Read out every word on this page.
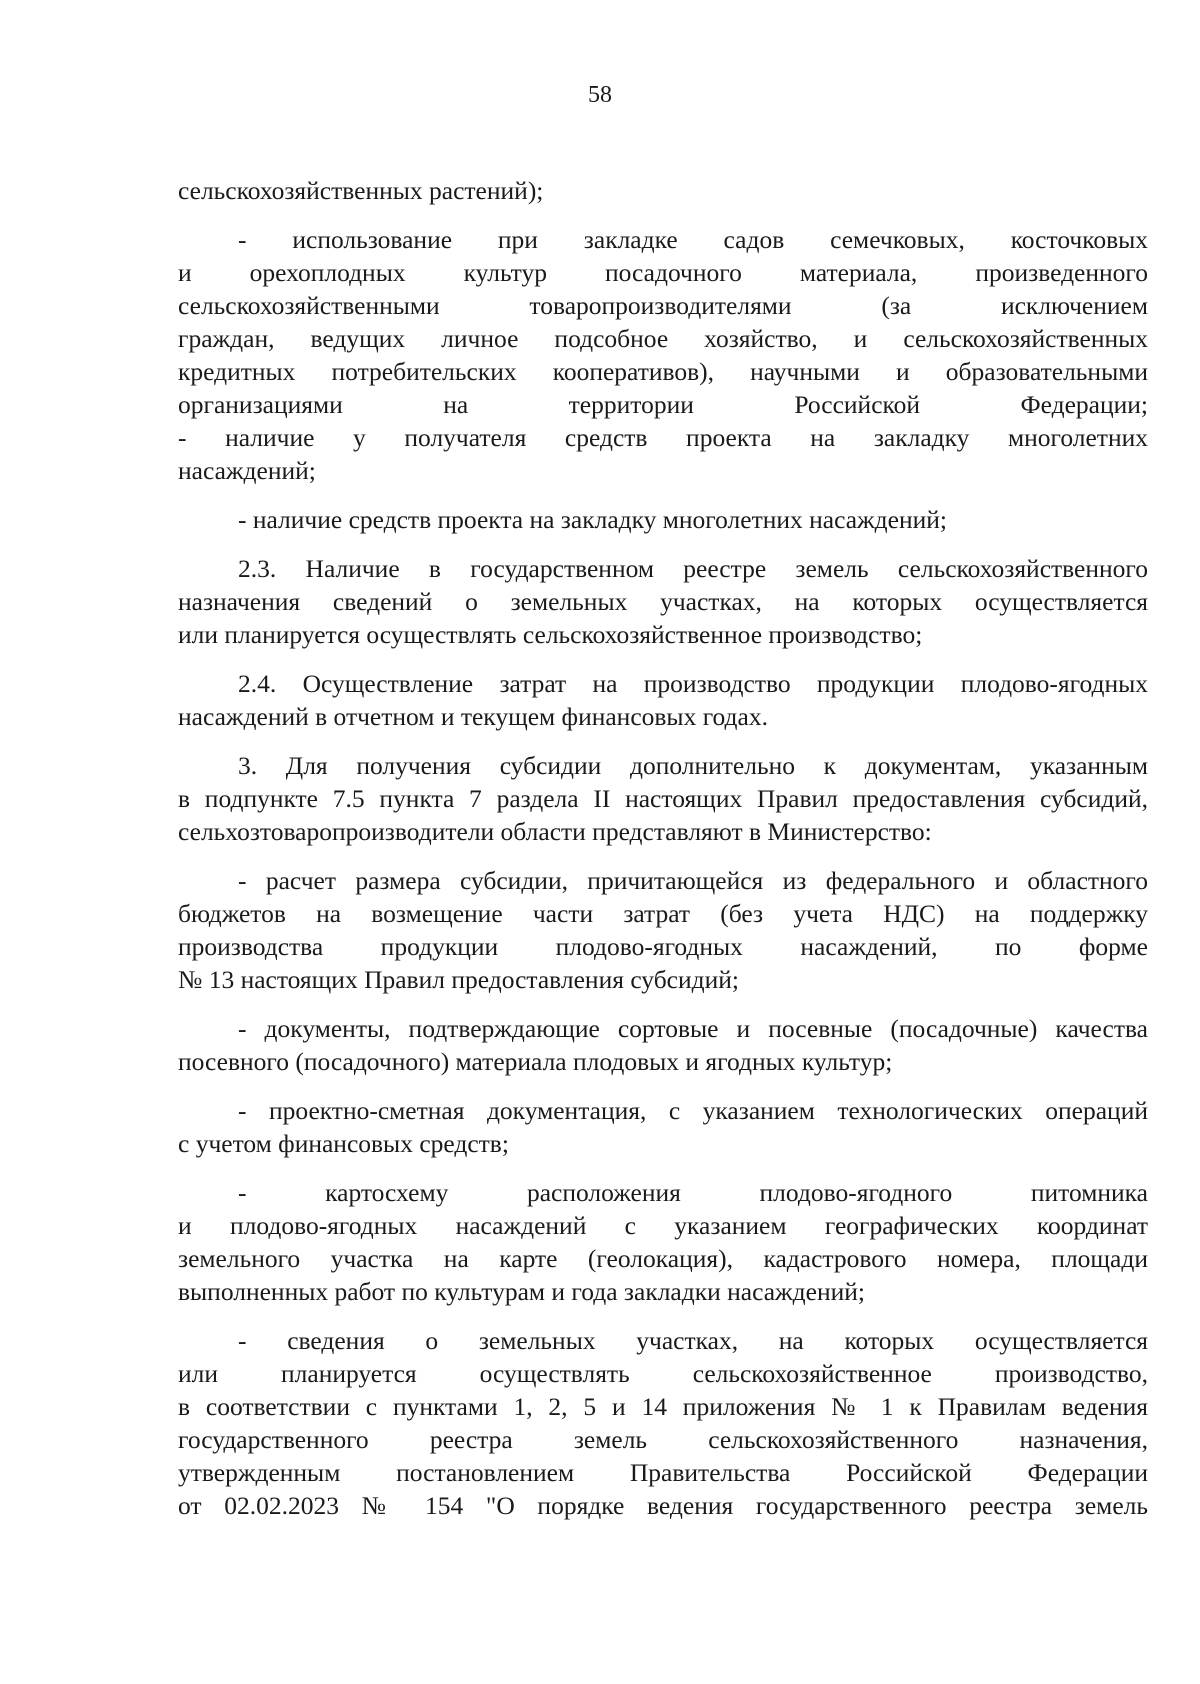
58

сельскохозяйственных растений);

- использование при закладке садов семечковых, косточковых

и орехоплодных культур посадочного материала, произведенного

сельскохозяйственными товаропроизводителями (за исключением

граждан, ведущих личное подсобное хозяйство, и сельскохозяйственных

кредитных потребительских кооперативов), научными и образовательными

организациями на территории Российской Федерации;

- наличие у получателя средств проекта на закладку многолетних

насаждений;

- наличие средств проекта на закладку многолетних насаждений;

2.3. Наличие в государственном реестре земель сельскохозяйственного

назначения сведений о земельных участках, на которых осуществляется

или планируется осуществлять сельскохозяйственное производство;

2.4. Осуществление затрат на производство продукции плодово-ягодных

насаждений в отчетном и текущем финансовых годах.

3. Для получения субсидии дополнительно к документам, указанным

в подпункте 7.5 пункта 7 раздела II настоящих Правил предоставления субсидий,

сельхозтоваропроизводители области представляют в Министерство:

- расчет размера субсидии, причитающейся из федерального и областного

бюджетов на возмещение части затрат (без учета НДС) на поддержку

производства продукции плодово-ягодных насаждений, по форме

№ 13 настоящих Правил предоставления субсидий;

- документы, подтверждающие сортовые и посевные (посадочные) качества

посевного (посадочного) материала плодовых и ягодных культур;

- проектно-сметная документация, с указанием технологических операций

с учетом финансовых средств;

- картосхему расположения плодово-ягодного питомника

и плодово-ягодных насаждений с указанием географических координат

земельного участка на карте (геолокация), кадастрового номера, площади

выполненных работ по культурам и года закладки насаждений;

- сведения о земельных участках, на которых осуществляется

или планируется осуществлять сельскохозяйственное производство,

в соответствии с пунктами 1, 2, 5 и 14 приложения № 1 к Правилам ведения

государственного реестра земель сельскохозяйственного назначения,

утвержденным постановлением Правительства Российской Федерации

от 02.02.2023 № 154 "О порядке ведения государственного реестра земель
